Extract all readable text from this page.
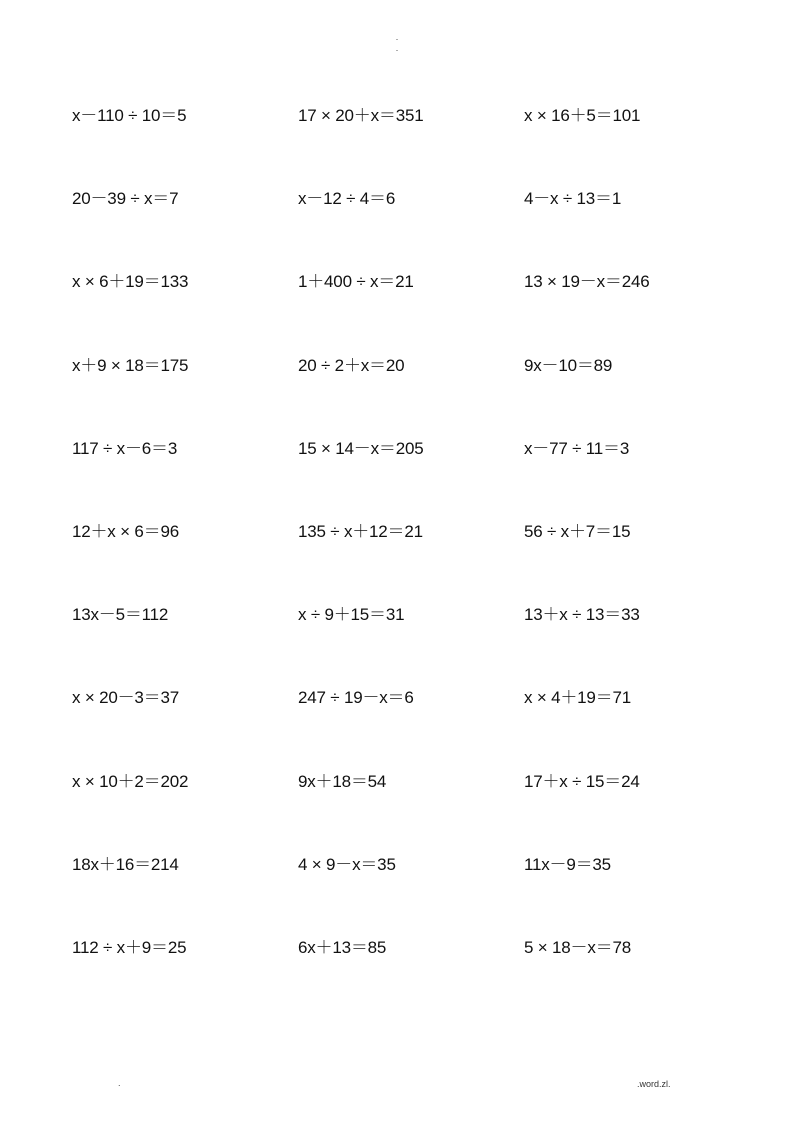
.
.
x－110 ÷ 10＝5	17 × 20＋x＝351	x × 16＋5＝101
20－39 ÷ x＝7	x－12 ÷ 4＝6	4－x ÷ 13＝1
x × 6＋19＝133	1＋400 ÷ x＝21	13 × 19－x＝246
x＋9 × 18＝175	20 ÷ 2＋x＝20	9x－10＝89
117 ÷ x－6＝3	15 × 14－x＝205	x－77 ÷ 11＝3
12＋x × 6＝96	135 ÷ x＋12＝21	56 ÷ x＋7＝15
13x－5＝112	x ÷ 9＋15＝31	13＋x ÷ 13＝33
x × 20－3＝37	247 ÷ 19－x＝6	x × 4＋19＝71
x × 10＋2＝202	9x＋18＝54	17＋x ÷ 15＝24
18x＋16＝214	4 × 9－x＝35	11x－9＝35
112 ÷ x＋9＝25	6x＋13＝85	5 × 18－x＝78
.	.word.zl.
